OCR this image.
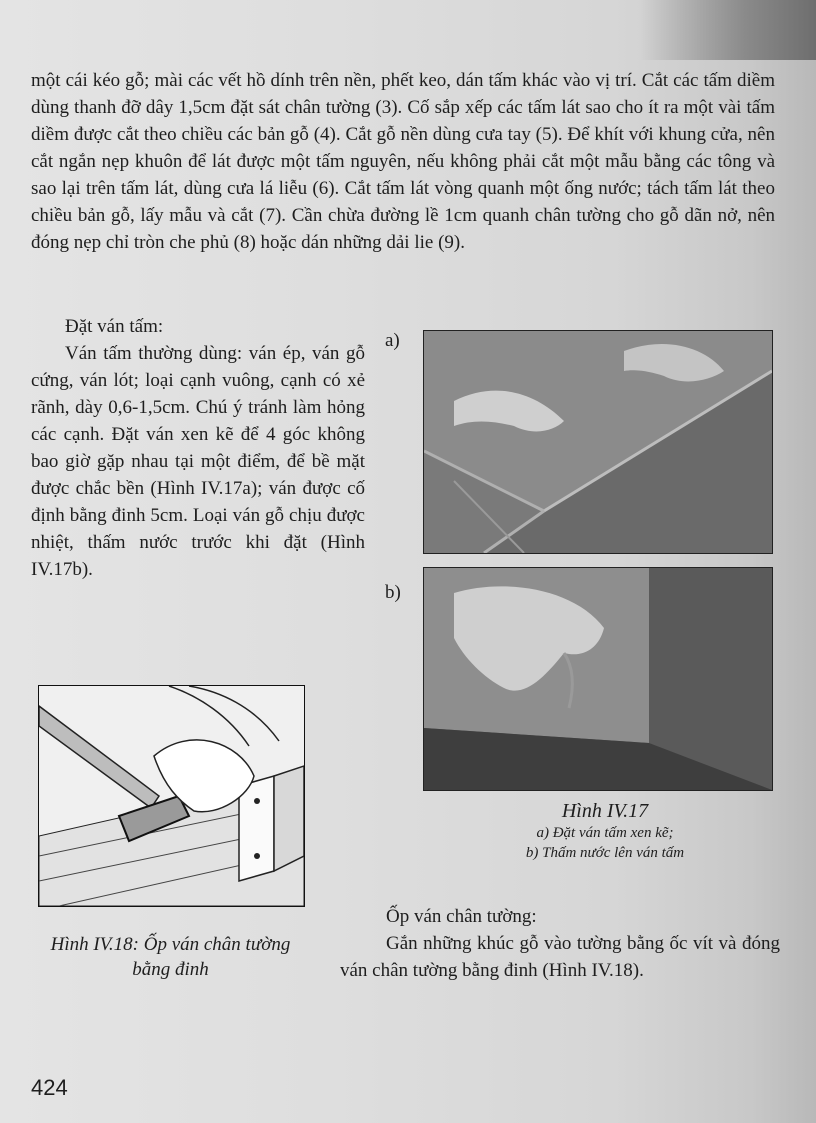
một cái kéo gỗ; mài các vết hồ dính trên nền, phết keo, dán tấm khác vào vị trí. Cắt các tấm diềm dùng thanh đỡ dây 1,5cm đặt sát chân tường (3). Cố sắp xếp các tấm lát sao cho ít ra một vài tấm diềm được cắt theo chiều các bản gỗ (4). Cắt gỗ nền dùng cưa tay (5). Để khít với khung cửa, nên cắt ngắn nẹp khuôn để lát được một tấm nguyên, nếu không phải cắt một mẫu bằng các tông và sao lại trên tấm lát, dùng cưa lá liễu (6). Cắt tấm lát vòng quanh một ống nước; tách tấm lát theo chiều bản gỗ, lấy mẫu và cắt (7). Cần chừa đường lề 1cm quanh chân tường cho gỗ dãn nở, nên đóng nẹp chỉ tròn che phủ (8) hoặc dán những dải lie (9).

Đặt ván tấm:

Ván tấm thường dùng: ván ép, ván gỗ cứng, ván lót; loại cạnh vuông, cạnh có xẻ rãnh, dày 0,6-1,5cm. Chú ý tránh làm hỏng các cạnh. Đặt ván xen kẽ để 4 góc không bao giờ gặp nhau tại một điểm, để bề mặt được chắc bền (Hình IV.17a); ván được cố định bằng đinh 5cm. Loại ván gỗ chịu được nhiệt, thấm nước trước khi đặt (Hình IV.17b).

a)
b)
Hình IV.17
a) Đặt ván tấm xen kẽ;
b) Thấm nước lên ván tấm
Hình IV.18: Ốp ván chân tường bằng đinh

Ốp ván chân tường:

Gắn những khúc gỗ vào tường bằng ốc vít và đóng ván chân tường bằng đinh (Hình IV.18).

424
